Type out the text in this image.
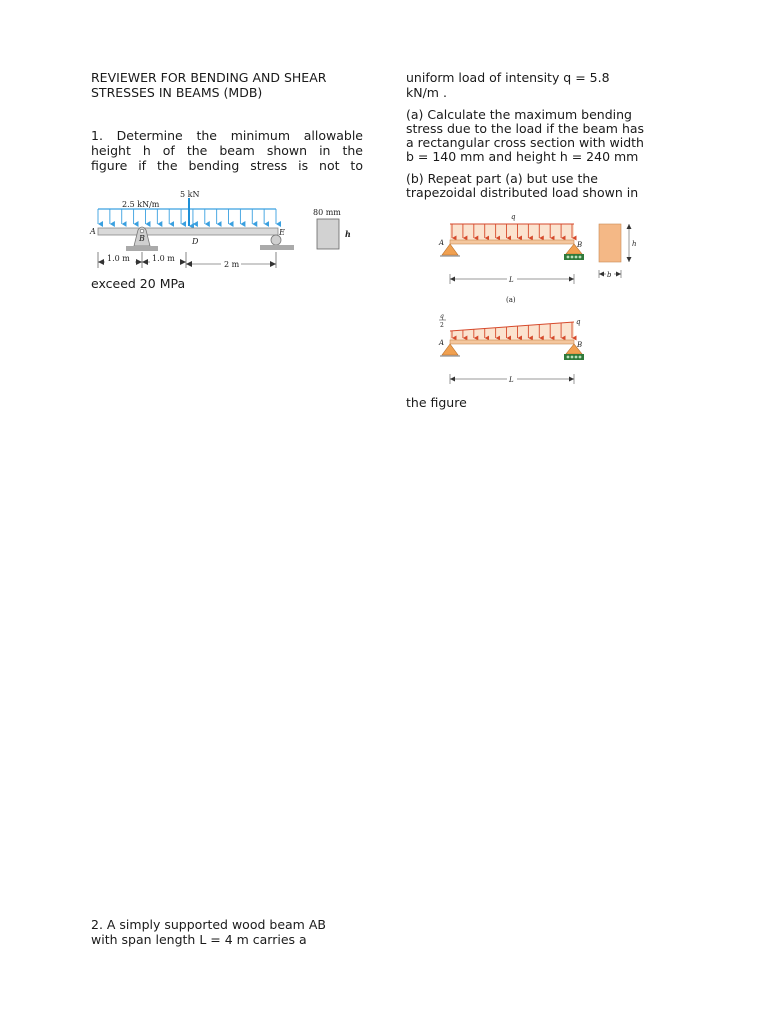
REVIEWER FOR BENDING AND SHEAR

STRESSES IN BEAMS (MDB)

1. Determine the minimum allowable

height h of the beam shown in the

figure if the bending stress is not to

5 kN
2.5 kN/m
A
B	D
E
1.0 m	1.0 m
2 m
80 mm
h

exceed 20 MPa

2. A simply supported wood beam AB

with span length L = 4 m carries a

uniform load of intensity q = 5.8

kN/m .

(a) Calculate the maximum bending

stress due to the load if the beam has

a rectangular cross section with width

b = 140 mm and height h = 240 mm

(b) Repeat part (a) but use the

trapezoidal distributed load shown in

q
A	B
L
(a)
h
b
q
2	q
A	B
L

the figure
